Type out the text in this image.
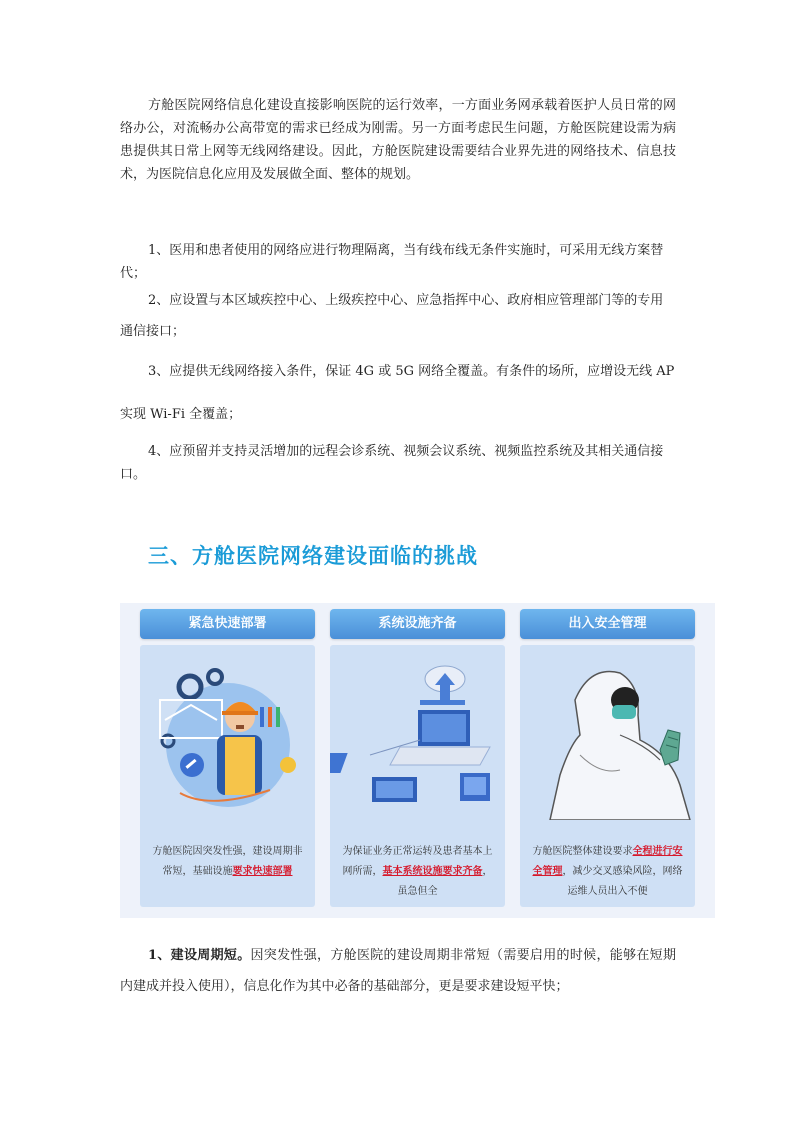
方舱医院网络信息化建设直接影响医院的运行效率，一方面业务网承载着医护人员日常的网络办公，对流畅办公高带宽的需求已经成为刚需。另一方面考虑民生问题，方舱医院建设需为病患提供其日常上网等无线网络建设。因此，方舱医院建设需要结合业界先进的网络技术、信息技术，为医院信息化应用及发展做全面、整体的规划。
1、医用和患者使用的网络应进行物理隔离，当有线布线无条件实施时，可采用无线方案替代；
2、应设置与本区域疾控中心、上级疾控中心、应急指挥中心、政府相应管理部门等的专用通信接口；
3、应提供无线网络接入条件，保证 4G 或 5G 网络全覆盖。有条件的场所，应增设无线 AP 实现 Wi-Fi 全覆盖；
4、应预留并支持灵活增加的远程会诊系统、视频会议系统、视频监控系统及其相关通信接口。
三、方舱医院网络建设面临的挑战
紧急快速部署
方舱医院因突发性强，建设周期非常短，基础设施要求快速部署
系统设施齐备
为保证业务正常运转及患者基本上网所需，基本系统设施要求齐备，虽急但全
出入安全管理
方舱医院整体建设要求全程进行安全管理，减少交叉感染风险，网络运维人员出入不便
1、建设周期短。因突发性强，方舱医院的建设周期非常短（需要启用的时候，能够在短期内建成并投入使用），信息化作为其中必备的基础部分，更是要求建设短平快；
